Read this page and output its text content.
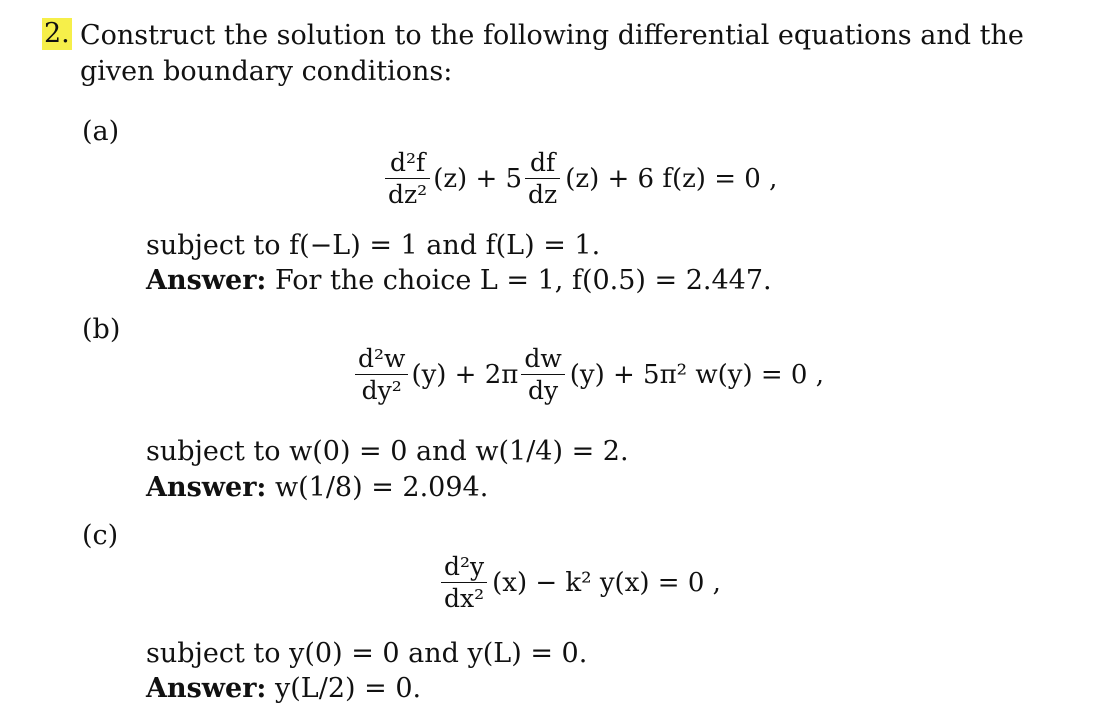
2. Construct the solution to the following differential equations and the given boundary conditions:
(a)
$\frac{\text{d²f}}{\text{dz²}} (z) + 5 \frac{df}{dz} (z) + 6$ f(z) = 0 ,
subject to f(−L) = 1 and f(L) = 1.
Answer: For the choice L = 1, f(0.5) = 2.447.
(b)
$\frac{\text{d²w}}{\text{dy²}} (y) + 2\pi \frac{dw}{dy} (y) + 5\pi^2$ w(y) = 0 ,
subject to w(0) = 0 and w(1/4) = 2.
Answer: w(1/8) = 2.094.
(c)
$\frac{\text{d²y}}{\text{dx²}} (x) - k^2$ y(x) = 0 ,
subject to y(0) = 0 and y(L) = 0.
Answer: y(L/2) = 0.
